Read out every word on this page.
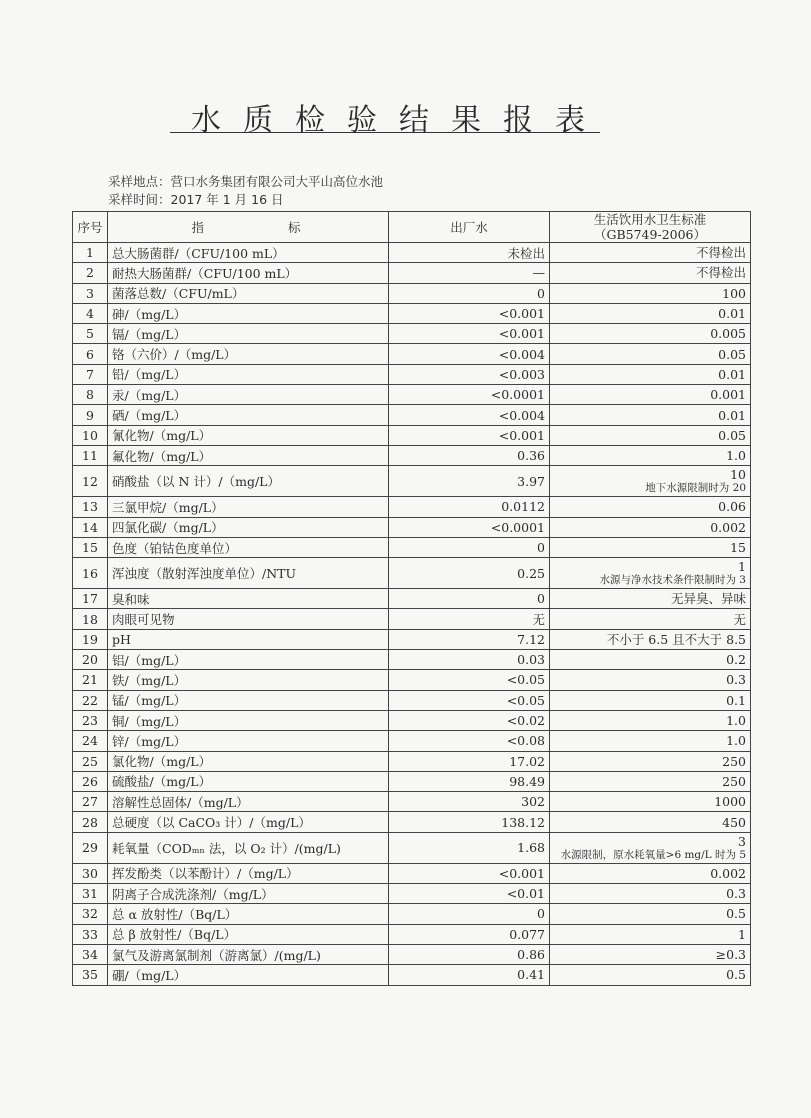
水质检验结果报表
采样地点：营口水务集团有限公司大平山高位水池
采样时间：2017 年 1 月 16 日
序号	指 标	出厂水	生活饮用水卫生标准
（GB5749-2006）

1	总大肠菌群/（CFU/100 mL）	未检出	不得检出

2	耐热大肠菌群/（CFU/100 mL）	—	不得检出

3	菌落总数/（CFU/mL）	0	100

4	砷/（mg/L）	<0.001	0.01

5	镉/（mg/L）	<0.001	0.005

6	铬（六价）/（mg/L）	<0.004	0.05

7	铅/（mg/L）	<0.003	0.01

8	汞/（mg/L）	<0.0001	0.001

9	硒/（mg/L）	<0.004	0.01

10	氰化物/（mg/L）	<0.001	0.05

11	氟化物/（mg/L）	0.36	1.0

12	硝酸盐（以 N 计）/（mg/L）	3.97	10
地下水源限制时为 20

13	三氯甲烷/（mg/L）	0.0112	0.06

14	四氯化碳/（mg/L）	<0.0001	0.002

15	色度（铂钴色度单位）	0	15

16	浑浊度（散射浑浊度单位）/NTU	0.25	1
水源与净水技术条件限制时为 3

17	臭和味	0	无异臭、异味

18	肉眼可见物	无	无

19	pH	7.12	不小于 6.5 且不大于 8.5

20	铝/（mg/L）	0.03	0.2

21	铁/（mg/L）	<0.05	0.3

22	锰/（mg/L）	<0.05	0.1

23	铜/（mg/L）	<0.02	1.0

24	锌/（mg/L）	<0.08	1.0

25	氯化物/（mg/L）	17.02	250

26	硫酸盐/（mg/L）	98.49	250

27	溶解性总固体/（mg/L）	302	1000

28	总硬度（以 CaCO₃ 计）/（mg/L）	138.12	450

29	耗氧量（CODₘₙ 法，以 O₂ 计）/(mg/L)	1.68	3
水源限制，原水耗氧量>6 mg/L 时为 5

30	挥发酚类（以苯酚计）/（mg/L）	<0.001	0.002

31	阴离子合成洗涤剂/（mg/L）	<0.01	0.3

32	总 α 放射性/（Bq/L）	0	0.5

33	总 β 放射性/（Bq/L）	0.077	1

34	氯气及游离氯制剂（游离氯）/(mg/L)	0.86	≥0.3

35	硼/（mg/L）	0.41	0.5
